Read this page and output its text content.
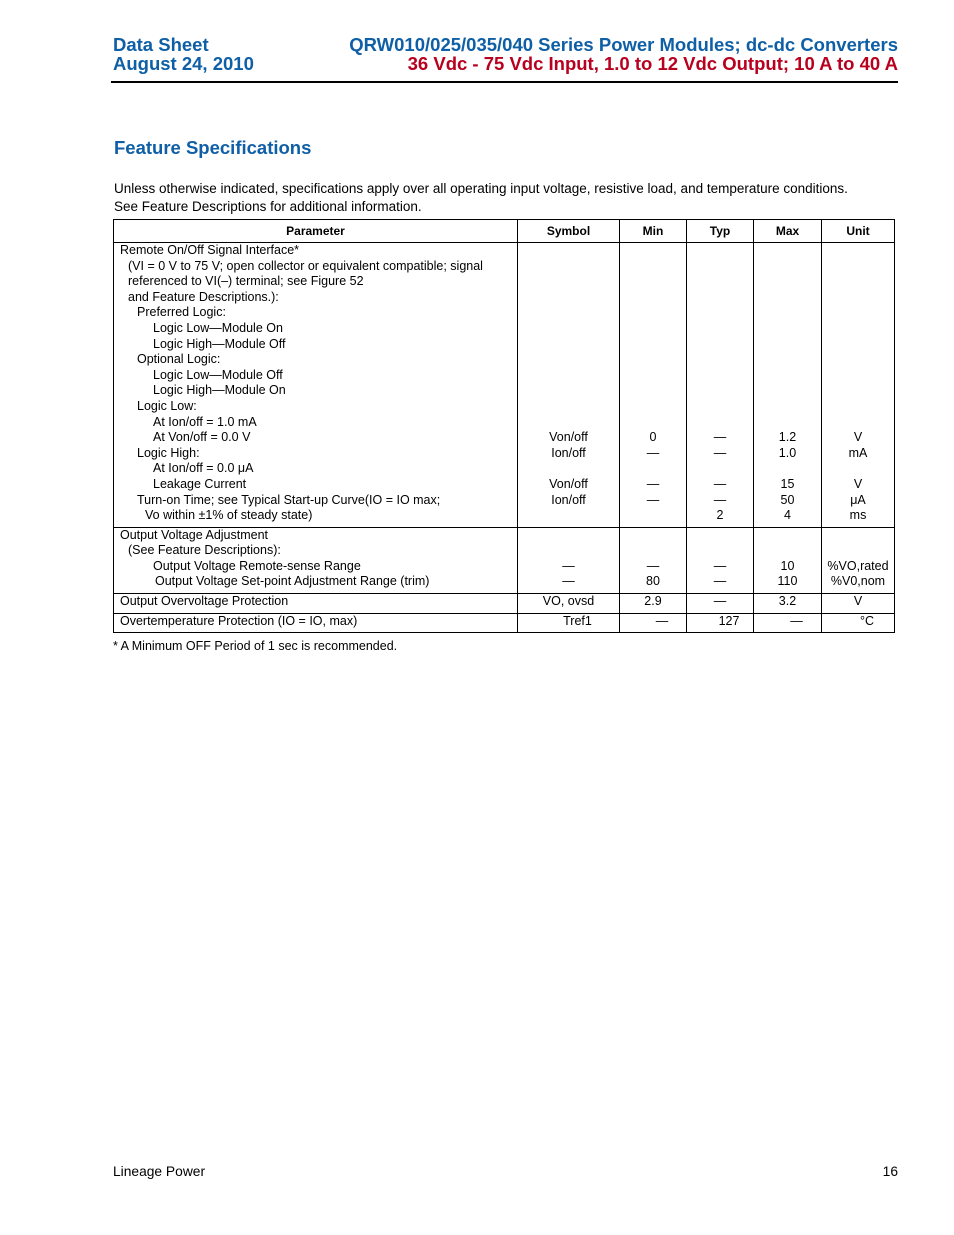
Data Sheet
August 24, 2010
QRW010/025/035/040 Series Power Modules; dc-dc Converters
36 Vdc - 75 Vdc Input, 1.0 to 12 Vdc Output; 10 A to 40 A
Feature Specifications
Unless otherwise indicated, specifications apply over all operating input voltage, resistive load, and temperature conditions.
See Feature Descriptions for additional information.
Parameter	Symbol	Min	Typ	Max	Unit
Remote On/Off Signal Interface*					
(VI = 0 V to 75 V; open collector or equivalent compatible; signal					
referenced to VI(–) terminal; see Figure 52					
and Feature Descriptions.):					
Preferred Logic:					
Logic Low—Module On					
Logic High—Module Off					
Optional Logic:					
Logic Low—Module Off					
Logic High—Module On					
Logic Low:					
At Ion/off = 1.0 mA					
At Von/off = 0.0 V	Von/off	0	—	1.2	V
Logic High:	Ion/off	—	—	1.0	mA
At Ion/off = 0.0 μA					
Leakage Current	Von/off	—	—	15	V
Turn-on Time; see Typical Start-up Curve(IO = IO max;	Ion/off	—	—	50	μA
Vo within ±1% of steady state)			2	4	ms
Output Voltage Adjustment					
(See Feature Descriptions):					
Output Voltage Remote-sense Range	—	—	—	10	%VO,rated
Output Voltage Set-point Adjustment Range (trim)	—	80	—	110	%V0,nom
Output Overvoltage Protection	VO, ovsd	2.9	—	3.2	V
Overtemperature Protection (IO = IO, max)	Tref1	—	127	—	°C
* A Minimum OFF Period of 1 sec is recommended.
Lineage Power	16
